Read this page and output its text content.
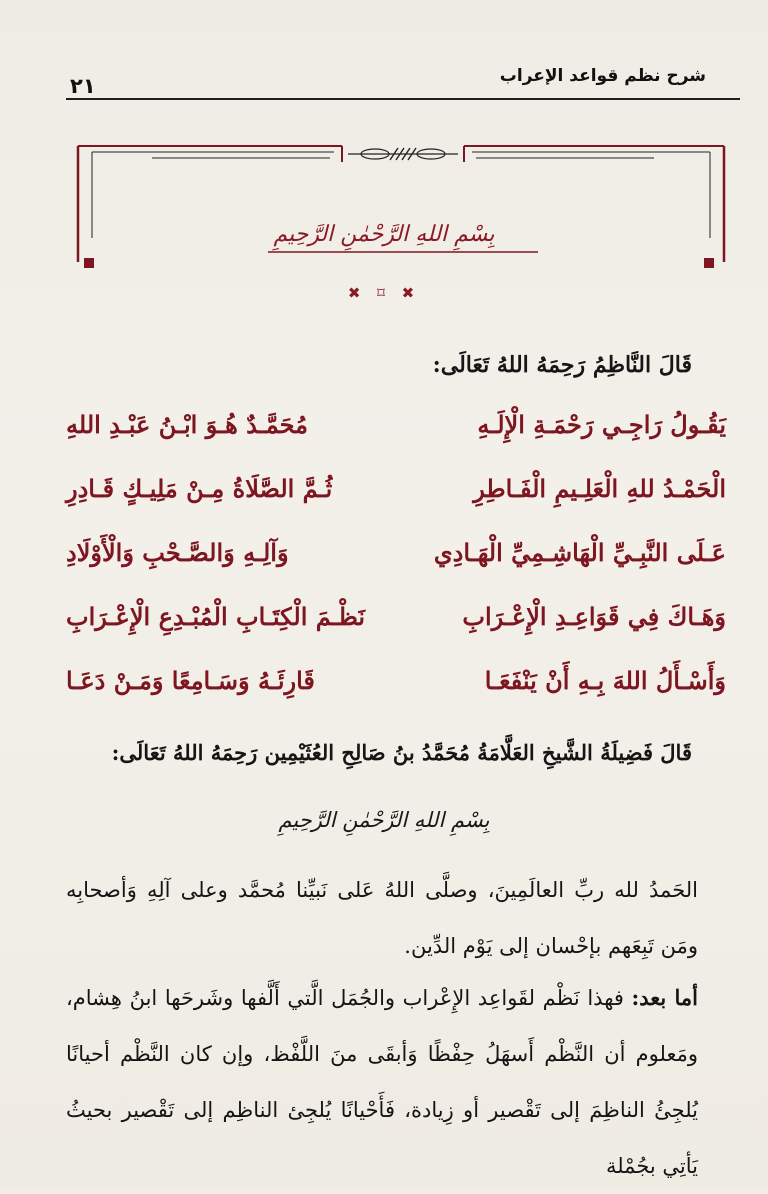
شرح نظم قواعد الإعراب
٢١
بِسْمِ اللهِ الرَّحْمٰنِ الرَّحِيمِ
✖ ⌑ ✖
قَالَ النَّاظِمُ رَحِمَهُ اللهُ تَعَالَى:
يَقُـولُ رَاجِـي رَحْمَـةِ الْإِلَـهِ
مُحَمَّـدٌ هُـوَ ابْـنُ عَبْـدِ اللهِ
الْحَمْـدُ للهِ الْعَلِـيمِ الْفَـاطِرِ
ثُـمَّ الصَّلَاةُ مِـنْ مَلِيـكٍ قَـادِرِ
عَـلَى النَّبِـيِّ الْهَاشِـمِيِّ الْهَـادِي
وَآلِـهِ وَالصَّـحْبِ وَالْأَوْلَادِ
وَهَـاكَ فِي قَوَاعِـدِ الْإِعْـرَابِ
نَظْـمَ الْكِتَـابِ الْمُبْـدِعِ الْإِعْـرَابِ
وَأَسْـأَلُ اللهَ بِـهِ أَنْ يَنْفَعَـا
قَارِئَـهُ وَسَـامِعًا وَمَـنْ دَعَـا
قَالَ فَضِيلَةُ الشَّيخِ العَلَّامَةُ مُحَمَّدُ بنُ صَالِحِ العُثَيْمِين رَحِمَهُ اللهُ تَعَالَى:
بِسْمِ اللهِ الرَّحْمٰنِ الرَّحِيمِ
الحَمدُ لله ربِّ العالَمِينَ، وصلَّى اللهُ عَلى نَبيِّنا مُحمَّد وعلى آلِهِ وَأصحابِه ومَن تَبِعَهم بإحْسان إلى يَوْم الدِّين.
أما بعد: فهذا نَظْم لقَواعِد الإِعْراب والجُمَل الَّتي أَلَّفها وشَرحَها ابنُ هِشام، ومَعلوم أن النَّظْم أَسهَلُ حِفْظًا وَأبقَى منَ اللَّفْظ، وإن كان النَّظْم أحيانًا يُلجِئُ الناظِمَ إلى تَقْصير أو زِيادة، فَأَحْيانًا يُلجِئ الناظِم إلى تَقْصير بحيثُ يَأتِي بجُمْلة
